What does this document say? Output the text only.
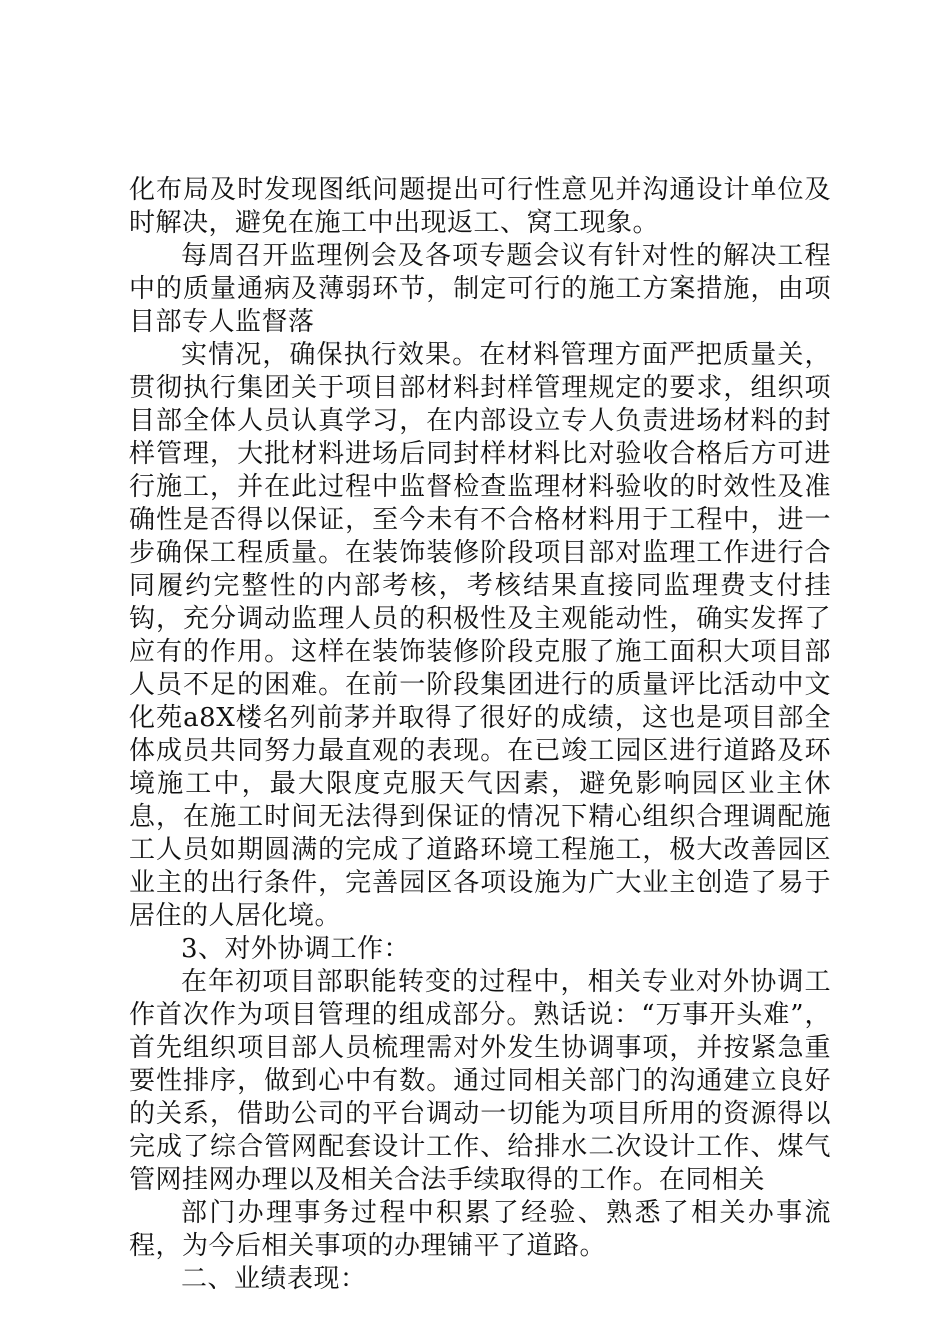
化布局及时发现图纸问题提出可行性意见并沟通设计单位及时解决，避免在施工中出现返工、窝工现象。

每周召开监理例会及各项专题会议有针对性的解决工程中的质量通病及薄弱环节，制定可行的施工方案措施，由项目部专人监督落

实情况，确保执行效果。在材料管理方面严把质量关，贯彻执行集团关于项目部材料封样管理规定的要求，组织项目部全体人员认真学习，在内部设立专人负责进场材料的封样管理，大批材料进场后同封样材料比对验收合格后方可进行施工，并在此过程中监督检查监理材料验收的时效性及准确性是否得以保证，至今未有不合格材料用于工程中，进一步确保工程质量。在装饰装修阶段项目部对监理工作进行合同履约完整性的内部考核，考核结果直接同监理费支付挂钩，充分调动监理人员的积极性及主观能动性，确实发挥了应有的作用。这样在装饰装修阶段克服了施工面积大项目部人员不足的困难。在前一阶段集团进行的质量评比活动中文化苑a8X楼名列前茅并取得了很好的成绩，这也是项目部全体成员共同努力最直观的表现。在已竣工园区进行道路及环境施工中，最大限度克服天气因素，避免影响园区业主休息，在施工时间无法得到保证的情况下精心组织合理调配施工人员如期圆满的完成了道路环境工程施工，极大改善园区业主的出行条件，完善园区各项设施为广大业主创造了易于居住的人居化境。

3、对外协调工作：

在年初项目部职能转变的过程中，相关专业对外协调工作首次作为项目管理的组成部分。熟话说：“万事开头难”，首先组织项目部人员梳理需对外发生协调事项，并按紧急重要性排序，做到心中有数。通过同相关部门的沟通建立良好的关系，借助公司的平台调动一切能为项目所用的资源得以完成了综合管网配套设计工作、给排水二次设计工作、煤气管网挂网办理以及相关合法手续取得的工作。在同相关

部门办理事务过程中积累了经验、熟悉了相关办事流程，为今后相关事项的办理铺平了道路。

二、业绩表现：
